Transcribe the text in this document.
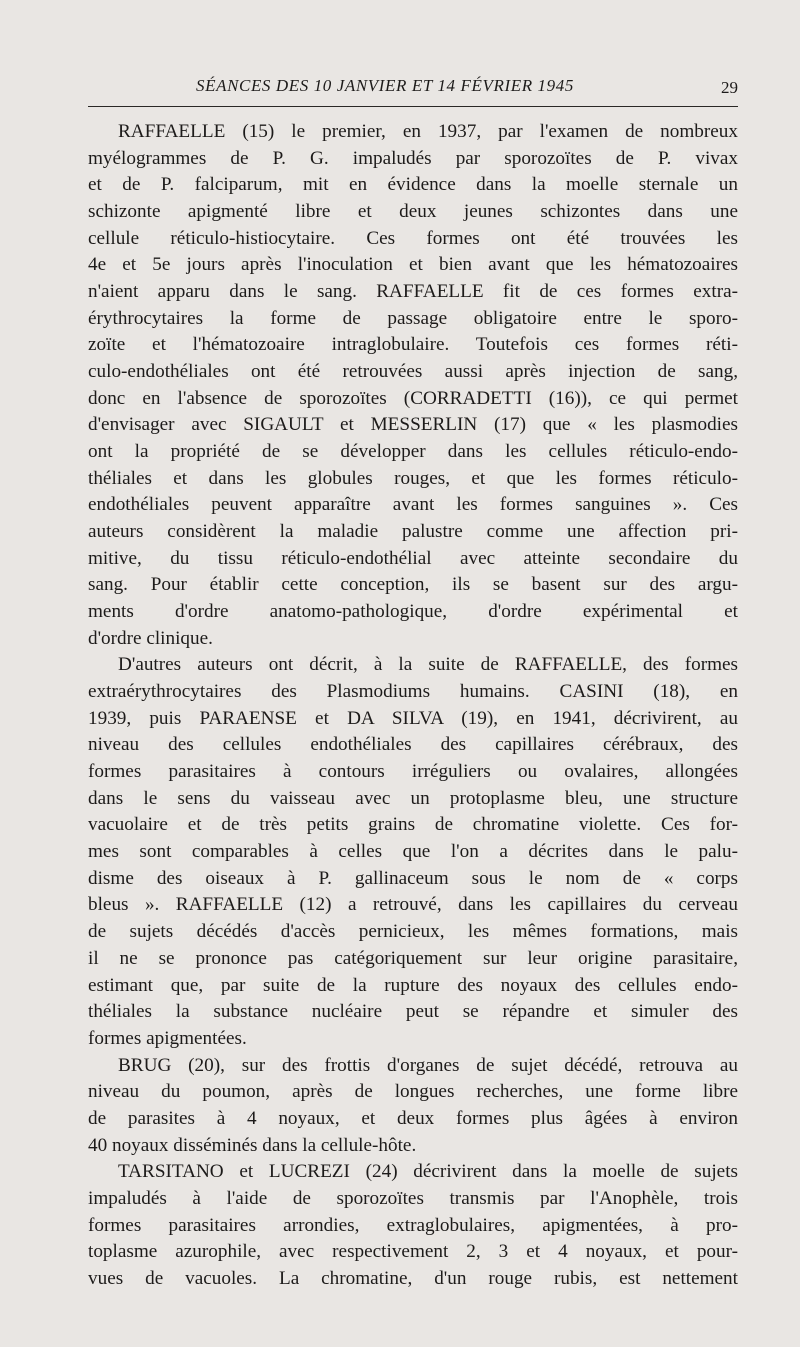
SÉANCES DES 10 JANVIER ET 14 FÉVRIER 1945	29
RAFFAELLE (15) le premier, en 1937, par l'examen de nombreux
myélogrammes de P. G. impaludés par sporozoïtes de P. vivax
et de P. falciparum, mit en évidence dans la moelle sternale un
schizonte apigmenté libre et deux jeunes schizontes dans une
cellule réticulo-histiocytaire. Ces formes ont été trouvées les
4e et 5e jours après l'inoculation et bien avant que les hématozoaires
n'aient apparu dans le sang. RAFFAELLE fit de ces formes extra-
érythrocytaires la forme de passage obligatoire entre le sporo-
zoïte et l'hématozoaire intraglobulaire. Toutefois ces formes réti-
culo-endothéliales ont été retrouvées aussi après injection de sang,
donc en l'absence de sporozoïtes (CORRADETTI (16)), ce qui permet
d'envisager avec SIGAULT et MESSERLIN (17) que « les plasmodies
ont la propriété de se développer dans les cellules réticulo-endo-
théliales et dans les globules rouges, et que les formes réticulo-
endothéliales peuvent apparaître avant les formes sanguines ». Ces
auteurs considèrent la maladie palustre comme une affection pri-
mitive, du tissu réticulo-endothélial avec atteinte secondaire du
sang. Pour établir cette conception, ils se basent sur des argu-
ments d'ordre anatomo-pathologique, d'ordre expérimental et
d'ordre clinique.
D'autres auteurs ont décrit, à la suite de RAFFAELLE, des formes
extraérythrocytaires des Plasmodiums humains. CASINI (18), en
1939, puis PARAENSE et DA SILVA (19), en 1941, décrivirent, au
niveau des cellules endothéliales des capillaires cérébraux, des
formes parasitaires à contours irréguliers ou ovalaires, allongées
dans le sens du vaisseau avec un protoplasme bleu, une structure
vacuolaire et de très petits grains de chromatine violette. Ces for-
mes sont comparables à celles que l'on a décrites dans le palu-
disme des oiseaux à P. gallinaceum sous le nom de « corps
bleus ». RAFFAELLE (12) a retrouvé, dans les capillaires du cerveau
de sujets décédés d'accès pernicieux, les mêmes formations, mais
il ne se prononce pas catégoriquement sur leur origine parasitaire,
estimant que, par suite de la rupture des noyaux des cellules endo-
théliales la substance nucléaire peut se répandre et simuler des
formes apigmentées.
BRUG (20), sur des frottis d'organes de sujet décédé, retrouva au
niveau du poumon, après de longues recherches, une forme libre
de parasites à 4 noyaux, et deux formes plus âgées à environ
40 noyaux disséminés dans la cellule-hôte.
TARSITANO et LUCREZI (24) décrivirent dans la moelle de sujets
impaludés à l'aide de sporozoïtes transmis par l'Anophèle, trois
formes parasitaires arrondies, extraglobulaires, apigmentées, à pro-
toplasme azurophile, avec respectivement 2, 3 et 4 noyaux, et pour-
vues de vacuoles. La chromatine, d'un rouge rubis, est nettement
